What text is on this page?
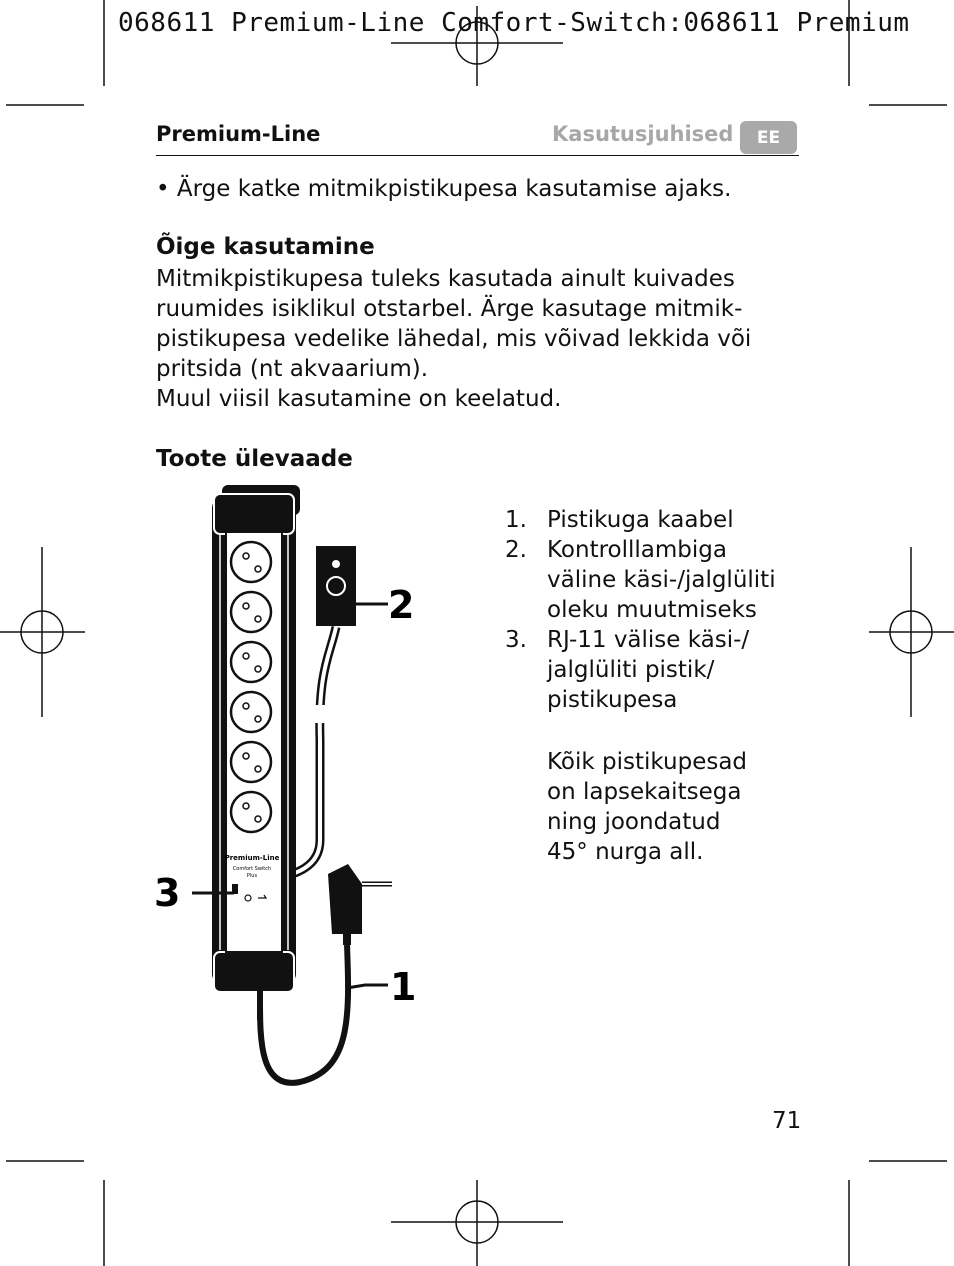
068611 Premium-Line Comfort-Switch:068611 Premium
Premium-Line	Kasutusjuhised	EE
• Ärge katke mitmikpistikupesa kasutamise ajaks.
Õige kasutamine
Mitmikpistikupesa tuleks kasutada ainult kuivades
ruumides isiklikul otstarbel. Ärge kasutage mitmik-
pistikupesa vedelike lähedal, mis võivad lekkida või
pritsida (nt akvaarium).
Muul viisil kasutamine on keelatud.
Toote ülevaade
1. Pistikuga kaabel
2. Kontrolllambiga
väline käsi-/jalglüliti
oleku muutmiseks
3. RJ-11 välise käsi-/
jalglüliti pistik/
pistikupesa
Kõik pistikupesad
on lapsekaitsega
ning joondatud
45° nurga all.
Premium-Line
Comfort Switch
Plus
2
3
1
71
